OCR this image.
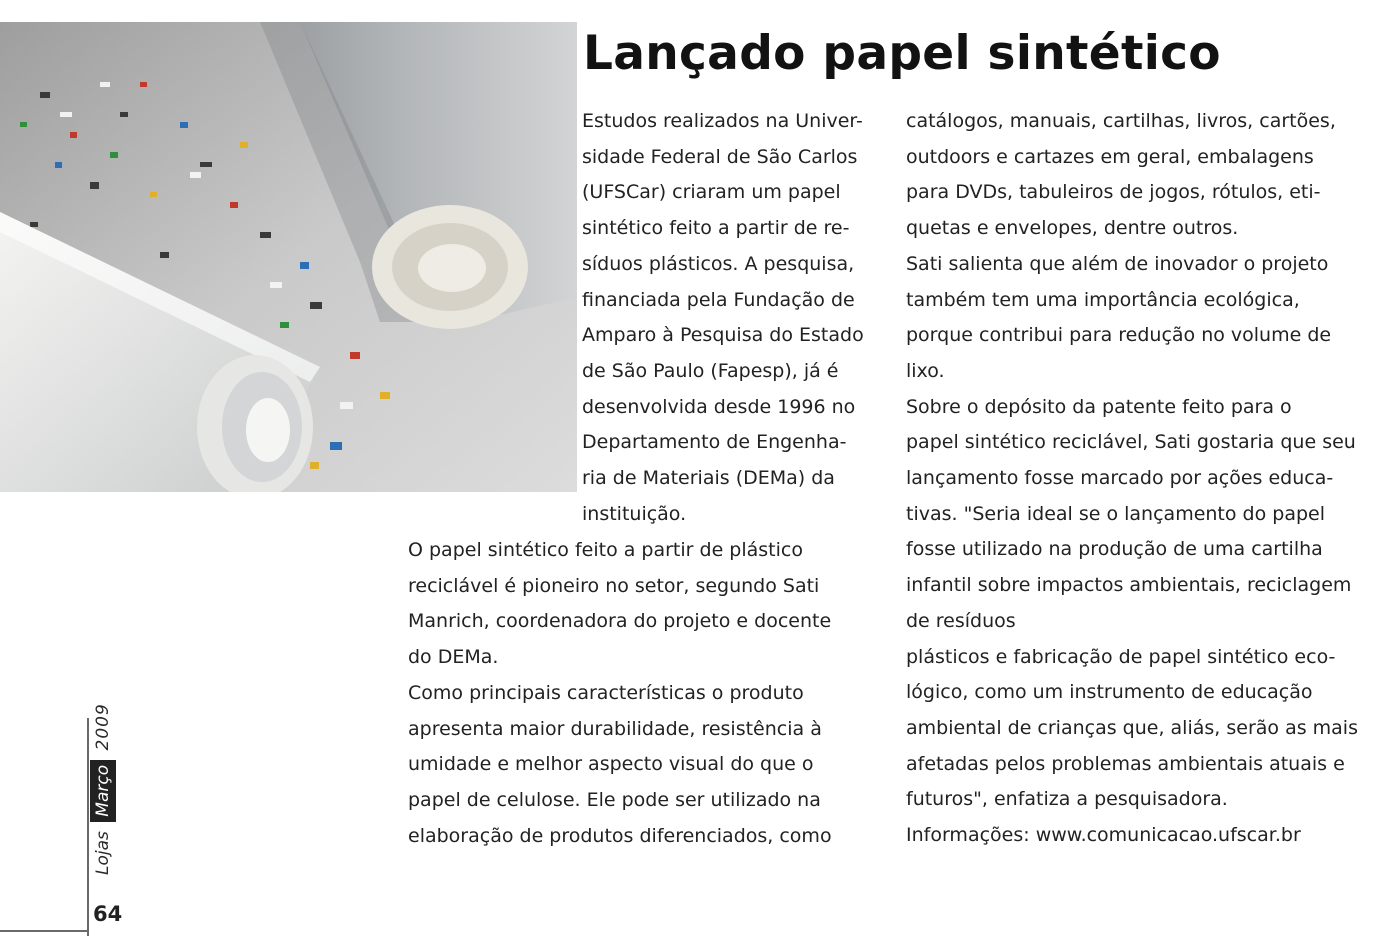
Lançado papel sintético

Estudos realizados na Univer-
sidade Federal de São Carlos
(UFSCar) criaram um papel
sintético feito a partir de re-
síduos plásticos. A pesquisa,
financiada pela Fundação de
Amparo à Pesquisa do Estado
de São Paulo (Fapesp), já é
desenvolvida desde 1996 no
Departamento de Engenha-
ria de Materiais (DEMa) da
instituição.

O papel sintético feito a partir de plástico
reciclável é pioneiro no setor, segundo Sati
Manrich, coordenadora do projeto e docente
do DEMa.
Como principais características o produto
apresenta maior durabilidade, resistência à
umidade e melhor aspecto visual do que o
papel de celulose. Ele pode ser utilizado na
elaboração de produtos diferenciados, como

catálogos, manuais, cartilhas, livros, cartões,
outdoors e cartazes em geral, embalagens
para DVDs, tabuleiros de jogos, rótulos, eti-
quetas e envelopes, dentre outros.
Sati salienta que além de inovador o projeto
também tem uma importância ecológica,
porque contribui para redução no volume de
lixo.
Sobre o depósito da patente feito para o
papel sintético reciclável, Sati gostaria que seu
lançamento fosse marcado por ações educa-
tivas. "Seria ideal se o lançamento do papel
fosse utilizado na produção de uma cartilha
infantil sobre impactos ambientais, reciclagem
de resíduos
plásticos e fabricação de papel sintético eco-
lógico, como um instrumento de educação
ambiental de crianças que, aliás, serão as mais
afetadas pelos problemas ambientais atuais e
futuros", enfatiza a pesquisadora.
Informações: www.comunicacao.ufscar.br

Lojas Março 2009
64
